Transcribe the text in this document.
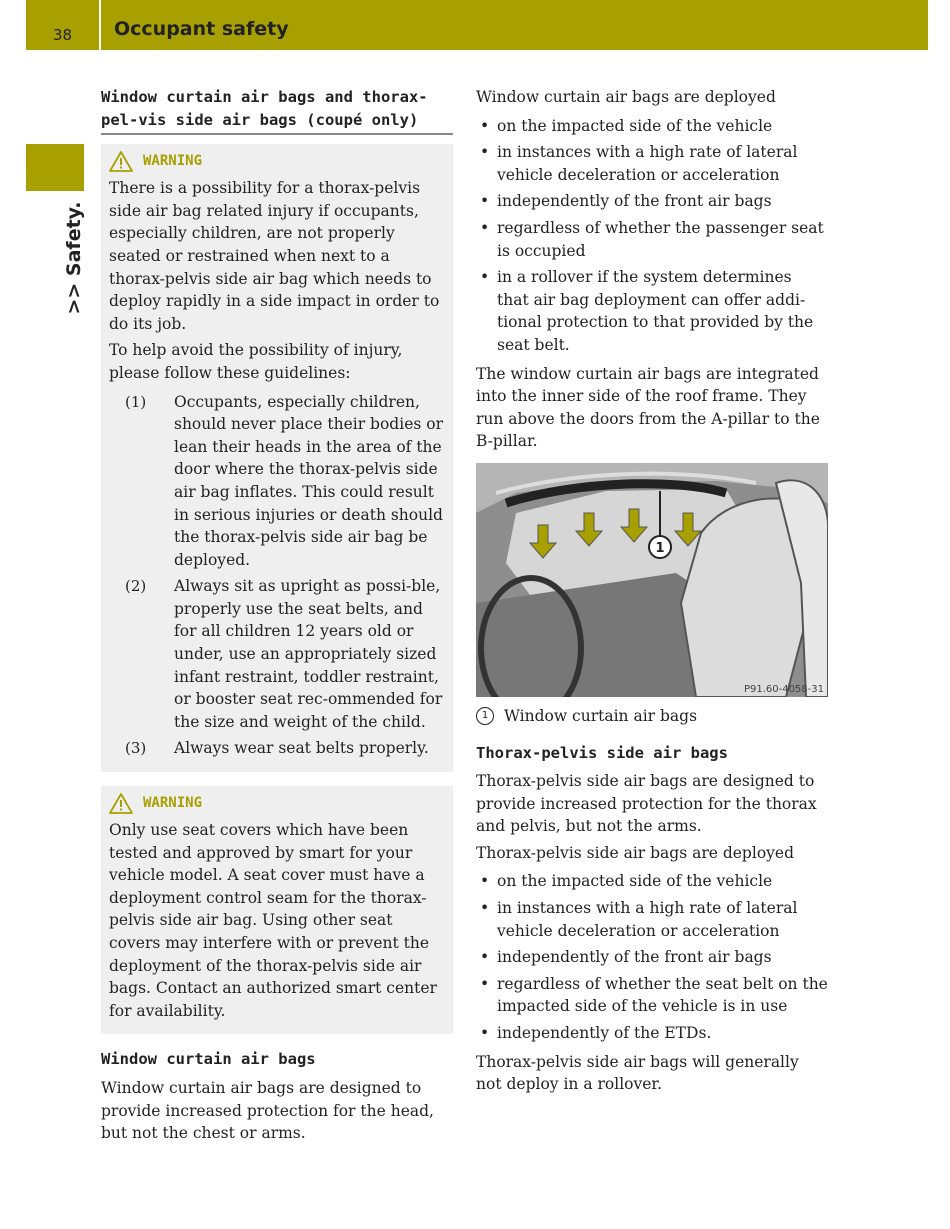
38	Occupant safety
>> Safety.
Window curtain air bags and thorax-pel-vis side air bags (coupé only)
WARNING

There is a possibility for a thorax-pelvis side air bag related injury if occupants, especially children, are not properly seated or restrained when next to a thorax-pelvis side air bag which needs to deploy rapidly in a side impact in order to do its job.

To help avoid the possibility of injury, please follow these guidelines:

(1)	Occupants, especially children, should never place their bodies or lean their heads in the area of the door where the thorax-pelvis side air bag inflates. This could result in serious injuries or death should the thorax-pelvis side air bag be deployed.
(2)	Always sit as upright as possi-ble, properly use the seat belts, and for all children 12 years old or under, use an appropriately sized infant restraint, toddler restraint, or booster seat rec-ommended for the size and weight of the child.
(3)	Always wear seat belts properly.
WARNING

Only use seat covers which have been tested and approved by smart for your vehicle model. A seat cover must have a deployment control seam for the thorax-pelvis side air bag. Using other seat covers may interfere with or prevent the deployment of the thorax-pelvis side air bags. Contact an authorized smart center for availability.

Window curtain air bags

Window curtain air bags are designed to provide increased protection for the head, but not the chest or arms.

Window curtain air bags are deployed

• on the impacted side of the vehicle
• in instances with a high rate of lateral vehicle deceleration or acceleration
• independently of the front air bags
• regardless of whether the passenger seat is occupied
• in a rollover if the system determines that air bag deployment can offer addi-tional protection to that provided by the seat belt.

The window curtain air bags are integrated into the inner side of the roof frame. They run above the doors from the A-pillar to the B-pillar.

1
P91.60-4058-31
1	Window curtain air bags
Thorax-pelvis side air bags

Thorax-pelvis side air bags are designed to provide increased protection for the thorax and pelvis, but not the arms.

Thorax-pelvis side air bags are deployed

• on the impacted side of the vehicle
• in instances with a high rate of lateral vehicle deceleration or acceleration
• independently of the front air bags
• regardless of whether the seat belt on the impacted side of the vehicle is in use
• independently of the ETDs.

Thorax-pelvis side air bags will generally not deploy in a rollover.
